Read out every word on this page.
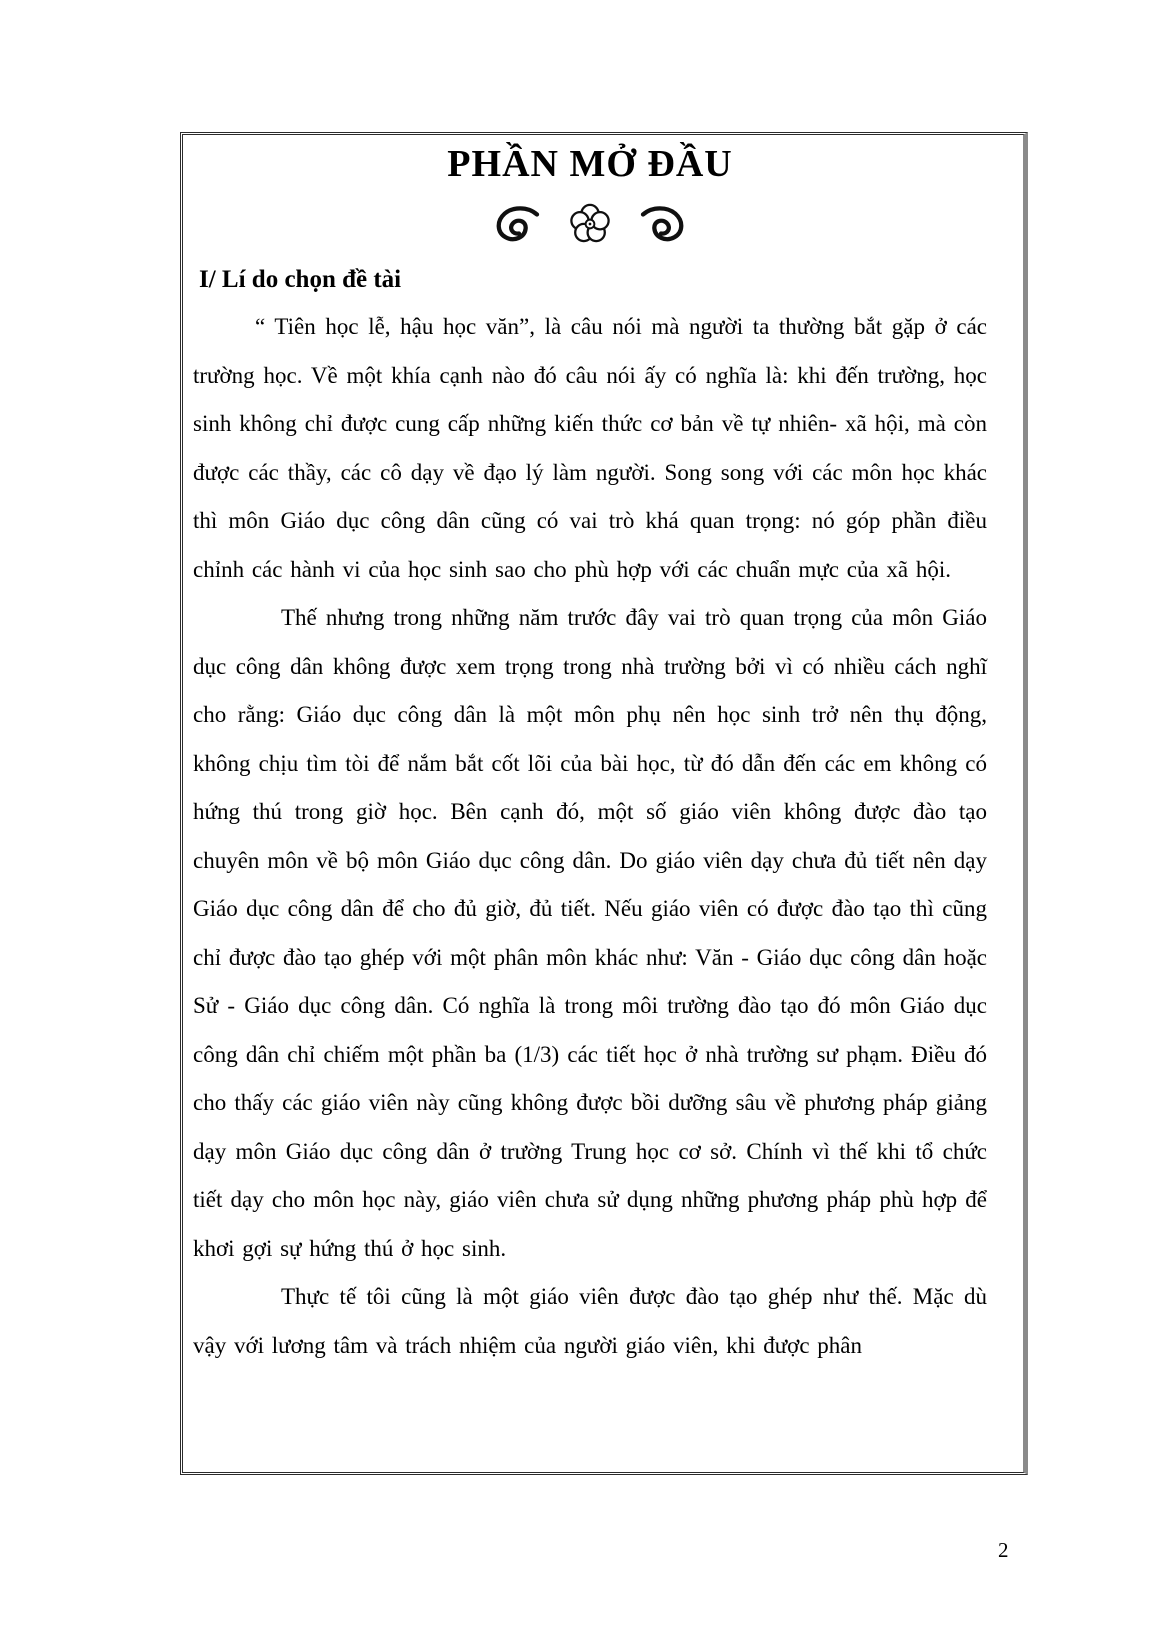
PHẦN MỞ ĐẦU
I/ Lí do chọn đề tài

“ Tiên học lễ, hậu học văn”, là câu nói mà người ta thường bắt gặp ở các trường học. Về một khía cạnh nào đó câu nói ấy có nghĩa là: khi đến trường, học sinh không chỉ được cung cấp những kiến thức cơ bản về tự nhiên- xã hội, mà còn được các thầy, các cô dạy về đạo lý làm người. Song song với các môn học khác thì môn Giáo dục công dân cũng có vai trò khá quan trọng: nó góp phần điều chỉnh các hành vi của học sinh sao cho phù hợp với các chuẩn mực của xã hội.

Thế nhưng trong những năm trước đây vai trò quan trọng của môn Giáo dục công dân không được xem trọng trong nhà trường bởi vì có nhiều cách nghĩ cho rằng: Giáo dục công dân là một môn phụ nên học sinh trở nên thụ động, không chịu tìm tòi để nắm bắt cốt lõi của bài học, từ đó dẫn đến các em không có hứng thú trong giờ học. Bên cạnh đó, một số giáo viên không được đào tạo chuyên môn về bộ môn Giáo dục công dân. Do giáo viên dạy chưa đủ tiết nên dạy Giáo dục công dân để cho đủ giờ, đủ tiết. Nếu giáo viên có được đào tạo thì cũng chỉ được đào tạo ghép với một phân môn khác như: Văn - Giáo dục công dân hoặc Sử - Giáo dục công dân. Có nghĩa là trong môi trường đào tạo đó môn Giáo dục công dân chỉ chiếm một phần ba (1/3) các tiết học ở nhà trường sư phạm. Điều đó cho thấy các giáo viên này cũng không được bồi dưỡng sâu về phương pháp giảng dạy môn Giáo dục công dân ở trường Trung học cơ sở. Chính vì thế khi tổ chức tiết dạy cho môn học này, giáo viên chưa sử dụng những phương pháp phù hợp để khơi gợi sự hứng thú ở học sinh.

Thực tế tôi cũng là một giáo viên được đào tạo ghép như thế. Mặc dù vậy với lương tâm và trách nhiệm của người giáo viên, khi được phân

2
